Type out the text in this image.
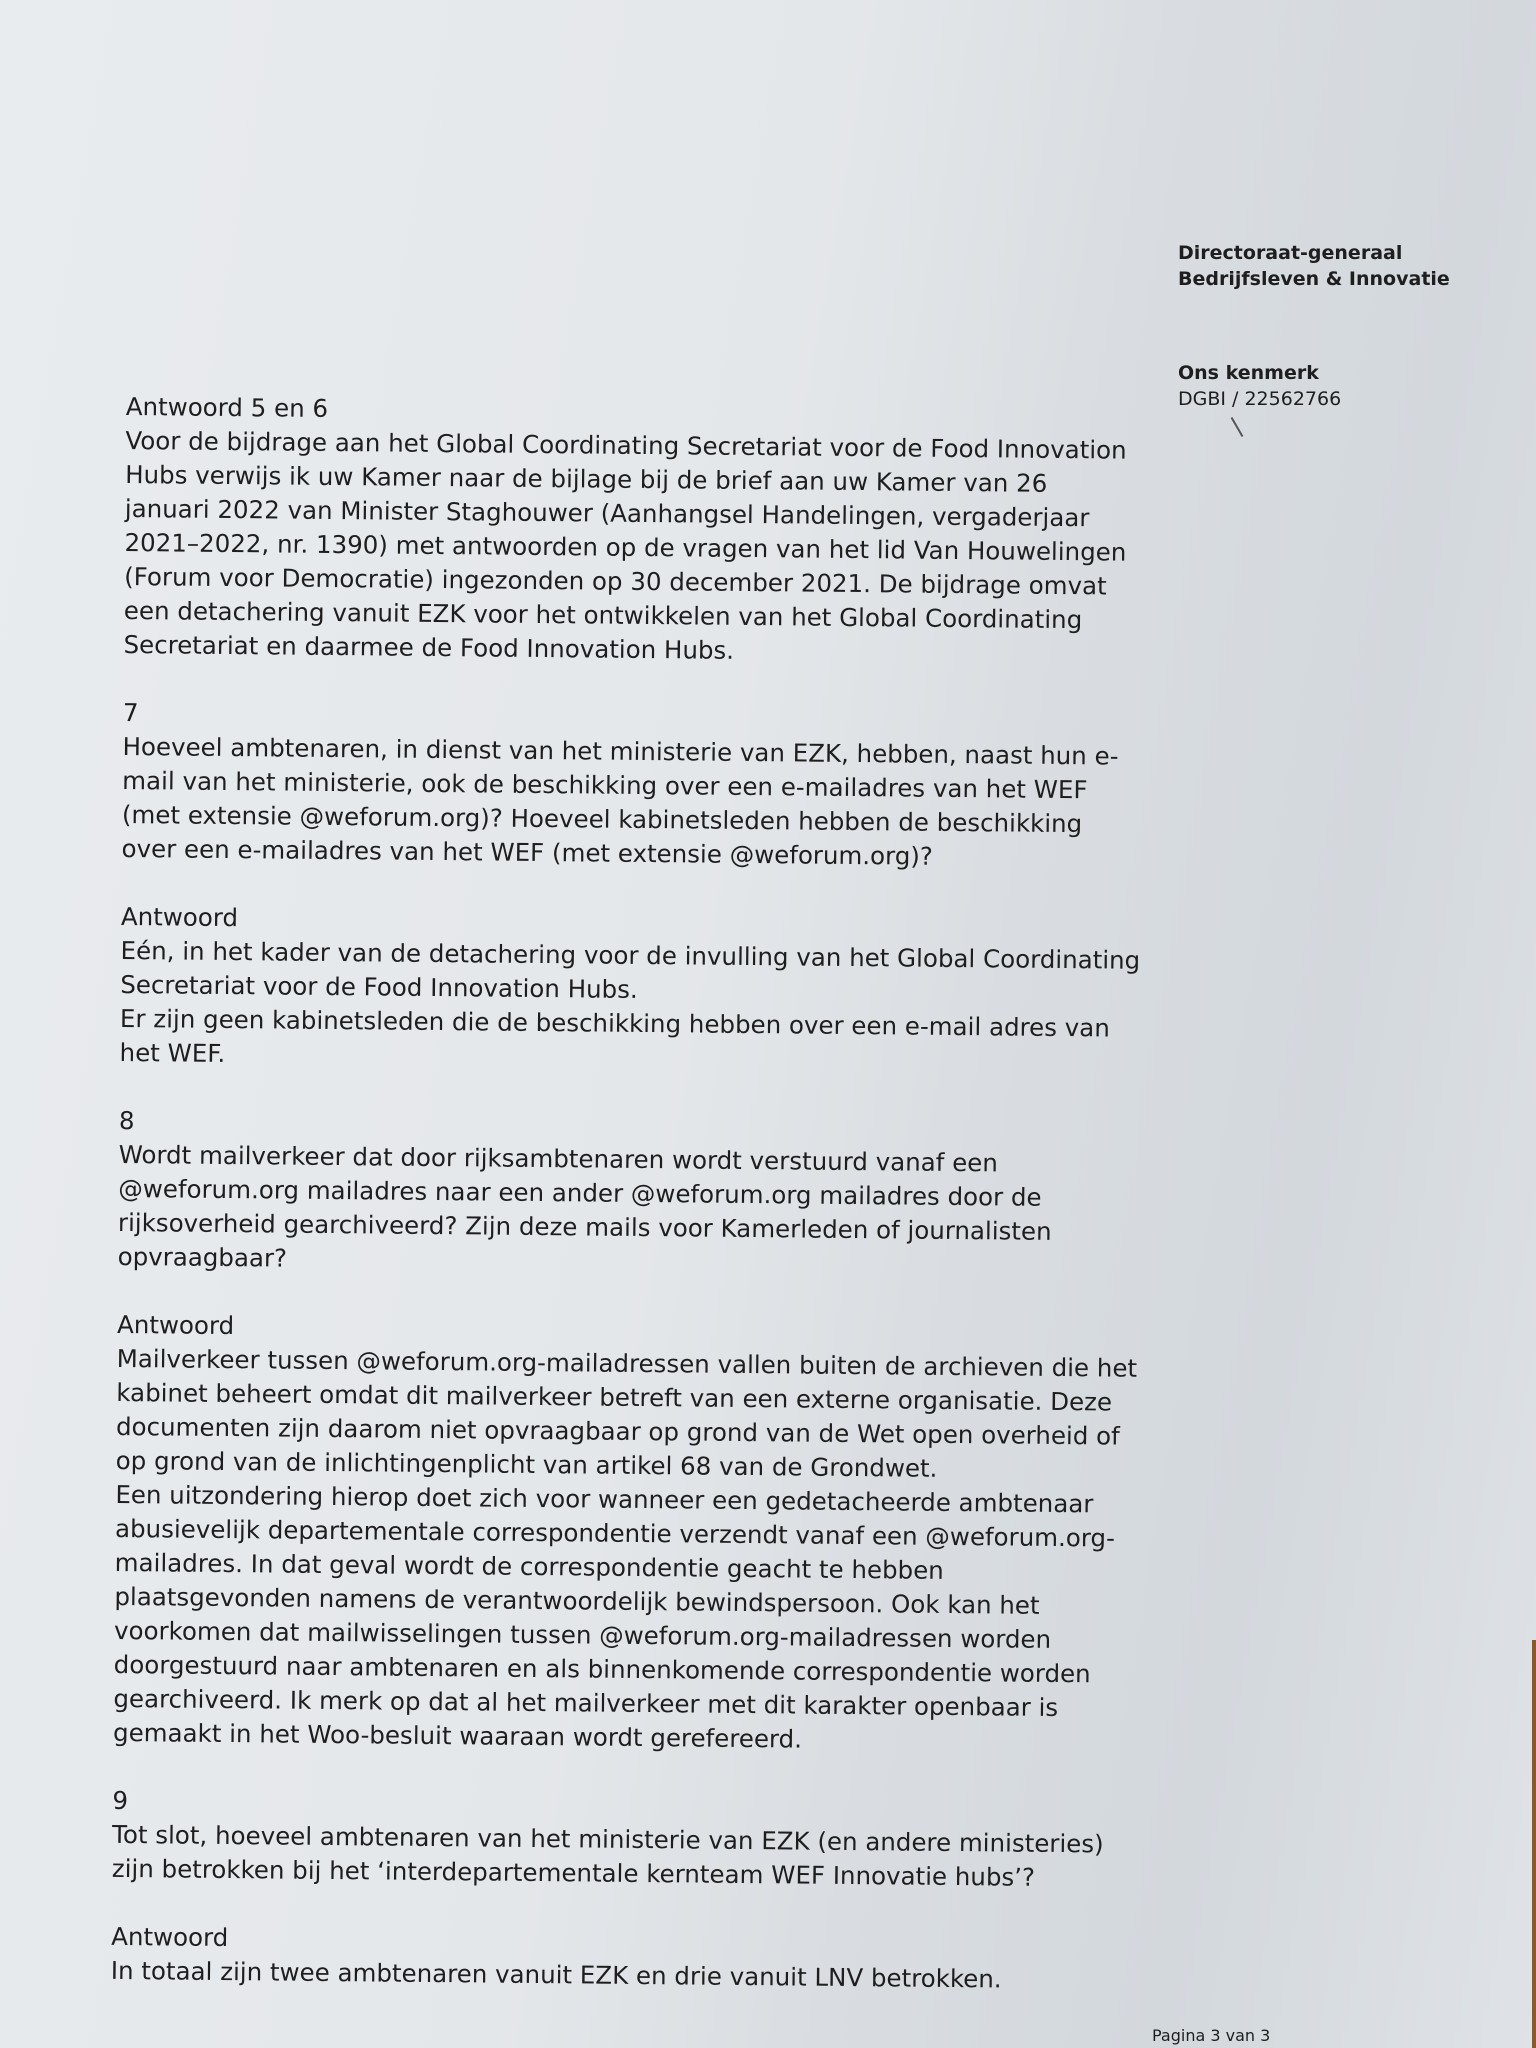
Directoraat-generaal
Bedrijfsleven & Innovatie
Ons kenmerk
DGBI / 22562766
Antwoord 5 en 6
Voor de bijdrage aan het Global Coordinating Secretariat voor de Food Innovation
Hubs verwijs ik uw Kamer naar de bijlage bij de brief aan uw Kamer van 26
januari 2022 van Minister Staghouwer (Aanhangsel Handelingen, vergaderjaar
2021–2022, nr. 1390) met antwoorden op de vragen van het lid Van Houwelingen
(Forum voor Democratie) ingezonden op 30 december 2021. De bijdrage omvat
een detachering vanuit EZK voor het ontwikkelen van het Global Coordinating
Secretariat en daarmee de Food Innovation Hubs.
7
Hoeveel ambtenaren, in dienst van het ministerie van EZK, hebben, naast hun e-
mail van het ministerie, ook de beschikking over een e-mailadres van het WEF
(met extensie @weforum.org)? Hoeveel kabinetsleden hebben de beschikking
over een e-mailadres van het WEF (met extensie @weforum.org)?
Antwoord
Eén, in het kader van de detachering voor de invulling van het Global Coordinating
Secretariat voor de Food Innovation Hubs.
Er zijn geen kabinetsleden die de beschikking hebben over een e-mail adres van
het WEF.
8
Wordt mailverkeer dat door rijksambtenaren wordt verstuurd vanaf een
@weforum.org mailadres naar een ander @weforum.org mailadres door de
rijksoverheid gearchiveerd? Zijn deze mails voor Kamerleden of journalisten
opvraagbaar?
Antwoord
Mailverkeer tussen @weforum.org-mailadressen vallen buiten de archieven die het
kabinet beheert omdat dit mailverkeer betreft van een externe organisatie. Deze
documenten zijn daarom niet opvraagbaar op grond van de Wet open overheid of
op grond van de inlichtingenplicht van artikel 68 van de Grondwet.
Een uitzondering hierop doet zich voor wanneer een gedetacheerde ambtenaar
abusievelijk departementale correspondentie verzendt vanaf een @weforum.org-
mailadres. In dat geval wordt de correspondentie geacht te hebben
plaatsgevonden namens de verantwoordelijk bewindspersoon. Ook kan het
voorkomen dat mailwisselingen tussen @weforum.org-mailadressen worden
doorgestuurd naar ambtenaren en als binnenkomende correspondentie worden
gearchiveerd. Ik merk op dat al het mailverkeer met dit karakter openbaar is
gemaakt in het Woo-besluit waaraan wordt gerefereerd.
9
Tot slot, hoeveel ambtenaren van het ministerie van EZK (en andere ministeries)
zijn betrokken bij het ‘interdepartementale kernteam WEF Innovatie hubs’?
Antwoord
In totaal zijn twee ambtenaren vanuit EZK en drie vanuit LNV betrokken.
Pagina 3 van 3
